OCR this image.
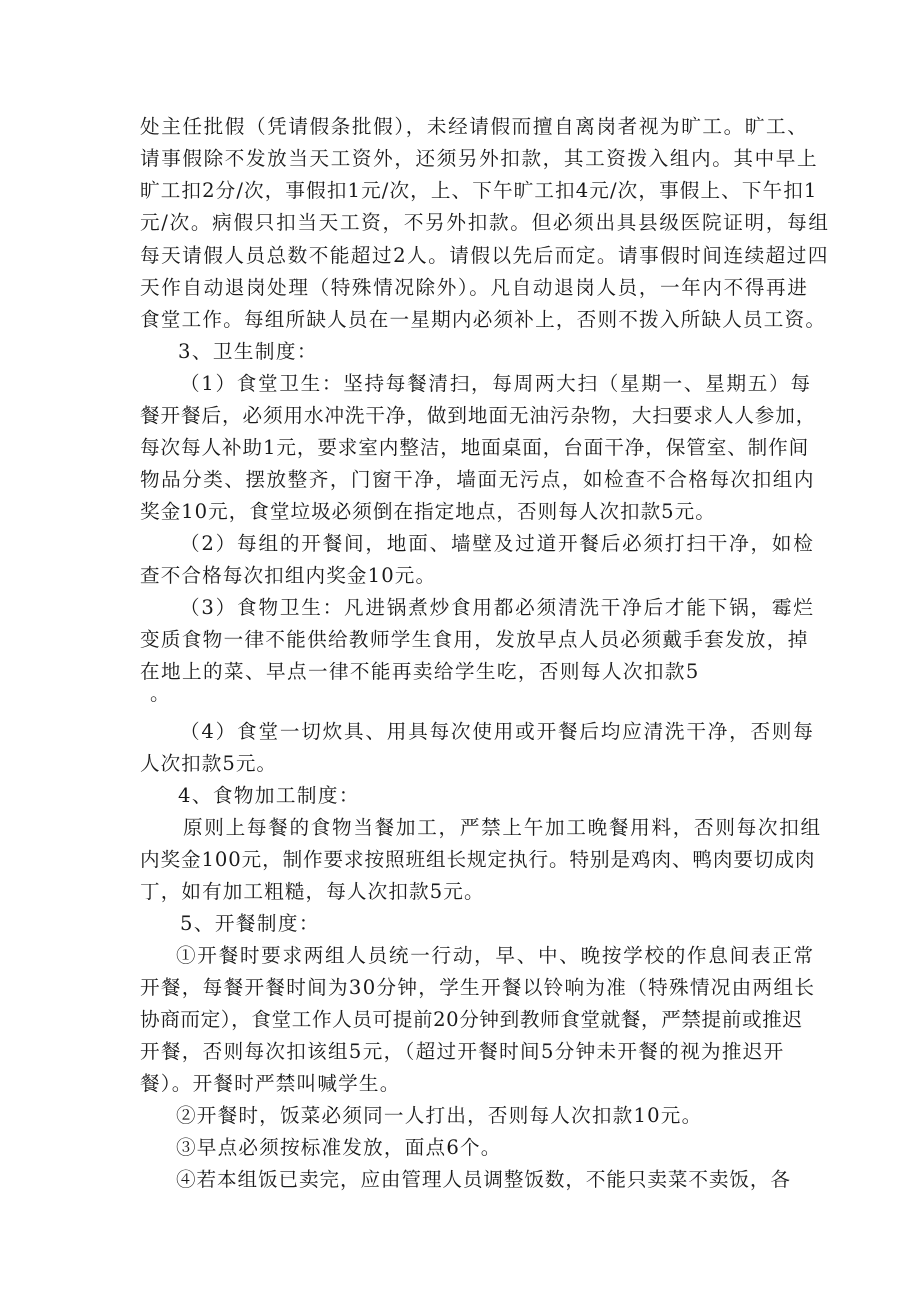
处主任批假（凭请假条批假），未经请假而擅自离岗者视为旷工。旷工、
请事假除不发放当天工资外，还须另外扣款，其工资拨入组内。其中早上
旷工扣2分/次，事假扣1元/次，上、下午旷工扣4元/次，事假上、下午扣1
元/次。病假只扣当天工资，不另外扣款。但必须出具县级医院证明，每组
每天请假人员总数不能超过2人。请假以先后而定。请事假时间连续超过四
天作自动退岗处理（特殊情况除外）。凡自动退岗人员，一年内不得再进
食堂工作。每组所缺人员在一星期内必须补上，否则不拨入所缺人员工资。
3、卫生制度：
（1）食堂卫生：坚持每餐清扫，每周两大扫（星期一、星期五）每
餐开餐后，必须用水冲洗干净，做到地面无油污杂物，大扫要求人人参加，
每次每人补助1元，要求室内整洁，地面桌面，台面干净，保管室、制作间
物品分类、摆放整齐，门窗干净，墙面无污点，如检查不合格每次扣组内
奖金10元，食堂垃圾必须倒在指定地点，否则每人次扣款5元。
（2）每组的开餐间，地面、墙壁及过道开餐后必须打扫干净，如检
查不合格每次扣组内奖金10元。
（3）食物卫生：凡进锅煮炒食用都必须清洗干净后才能下锅，霉烂
变质食物一律不能供给教师学生食用，发放早点人员必须戴手套发放，掉
在地上的菜、早点一律不能再卖给学生吃，否则每人次扣款5
。
（4）食堂一切炊具、用具每次使用或开餐后均应清洗干净，否则每
人次扣款5元。
4、食物加工制度：
原则上每餐的食物当餐加工，严禁上午加工晚餐用料，否则每次扣组
内奖金100元，制作要求按照班组长规定执行。特别是鸡肉、鸭肉要切成肉
丁，如有加工粗糙，每人次扣款5元。
5、开餐制度：
①开餐时要求两组人员统一行动，早、中、晚按学校的作息间表正常
开餐，每餐开餐时间为30分钟，学生开餐以铃响为准（特殊情况由两组长
协商而定），食堂工作人员可提前20分钟到教师食堂就餐，严禁提前或推迟
开餐，否则每次扣该组5元，（超过开餐时间5分钟未开餐的视为推迟开
餐）。开餐时严禁叫喊学生。
②开餐时，饭菜必须同一人打出，否则每人次扣款10元。
③早点必须按标准发放，面点6个。
④若本组饭已卖完，应由管理人员调整饭数，不能只卖菜不卖饭，各
